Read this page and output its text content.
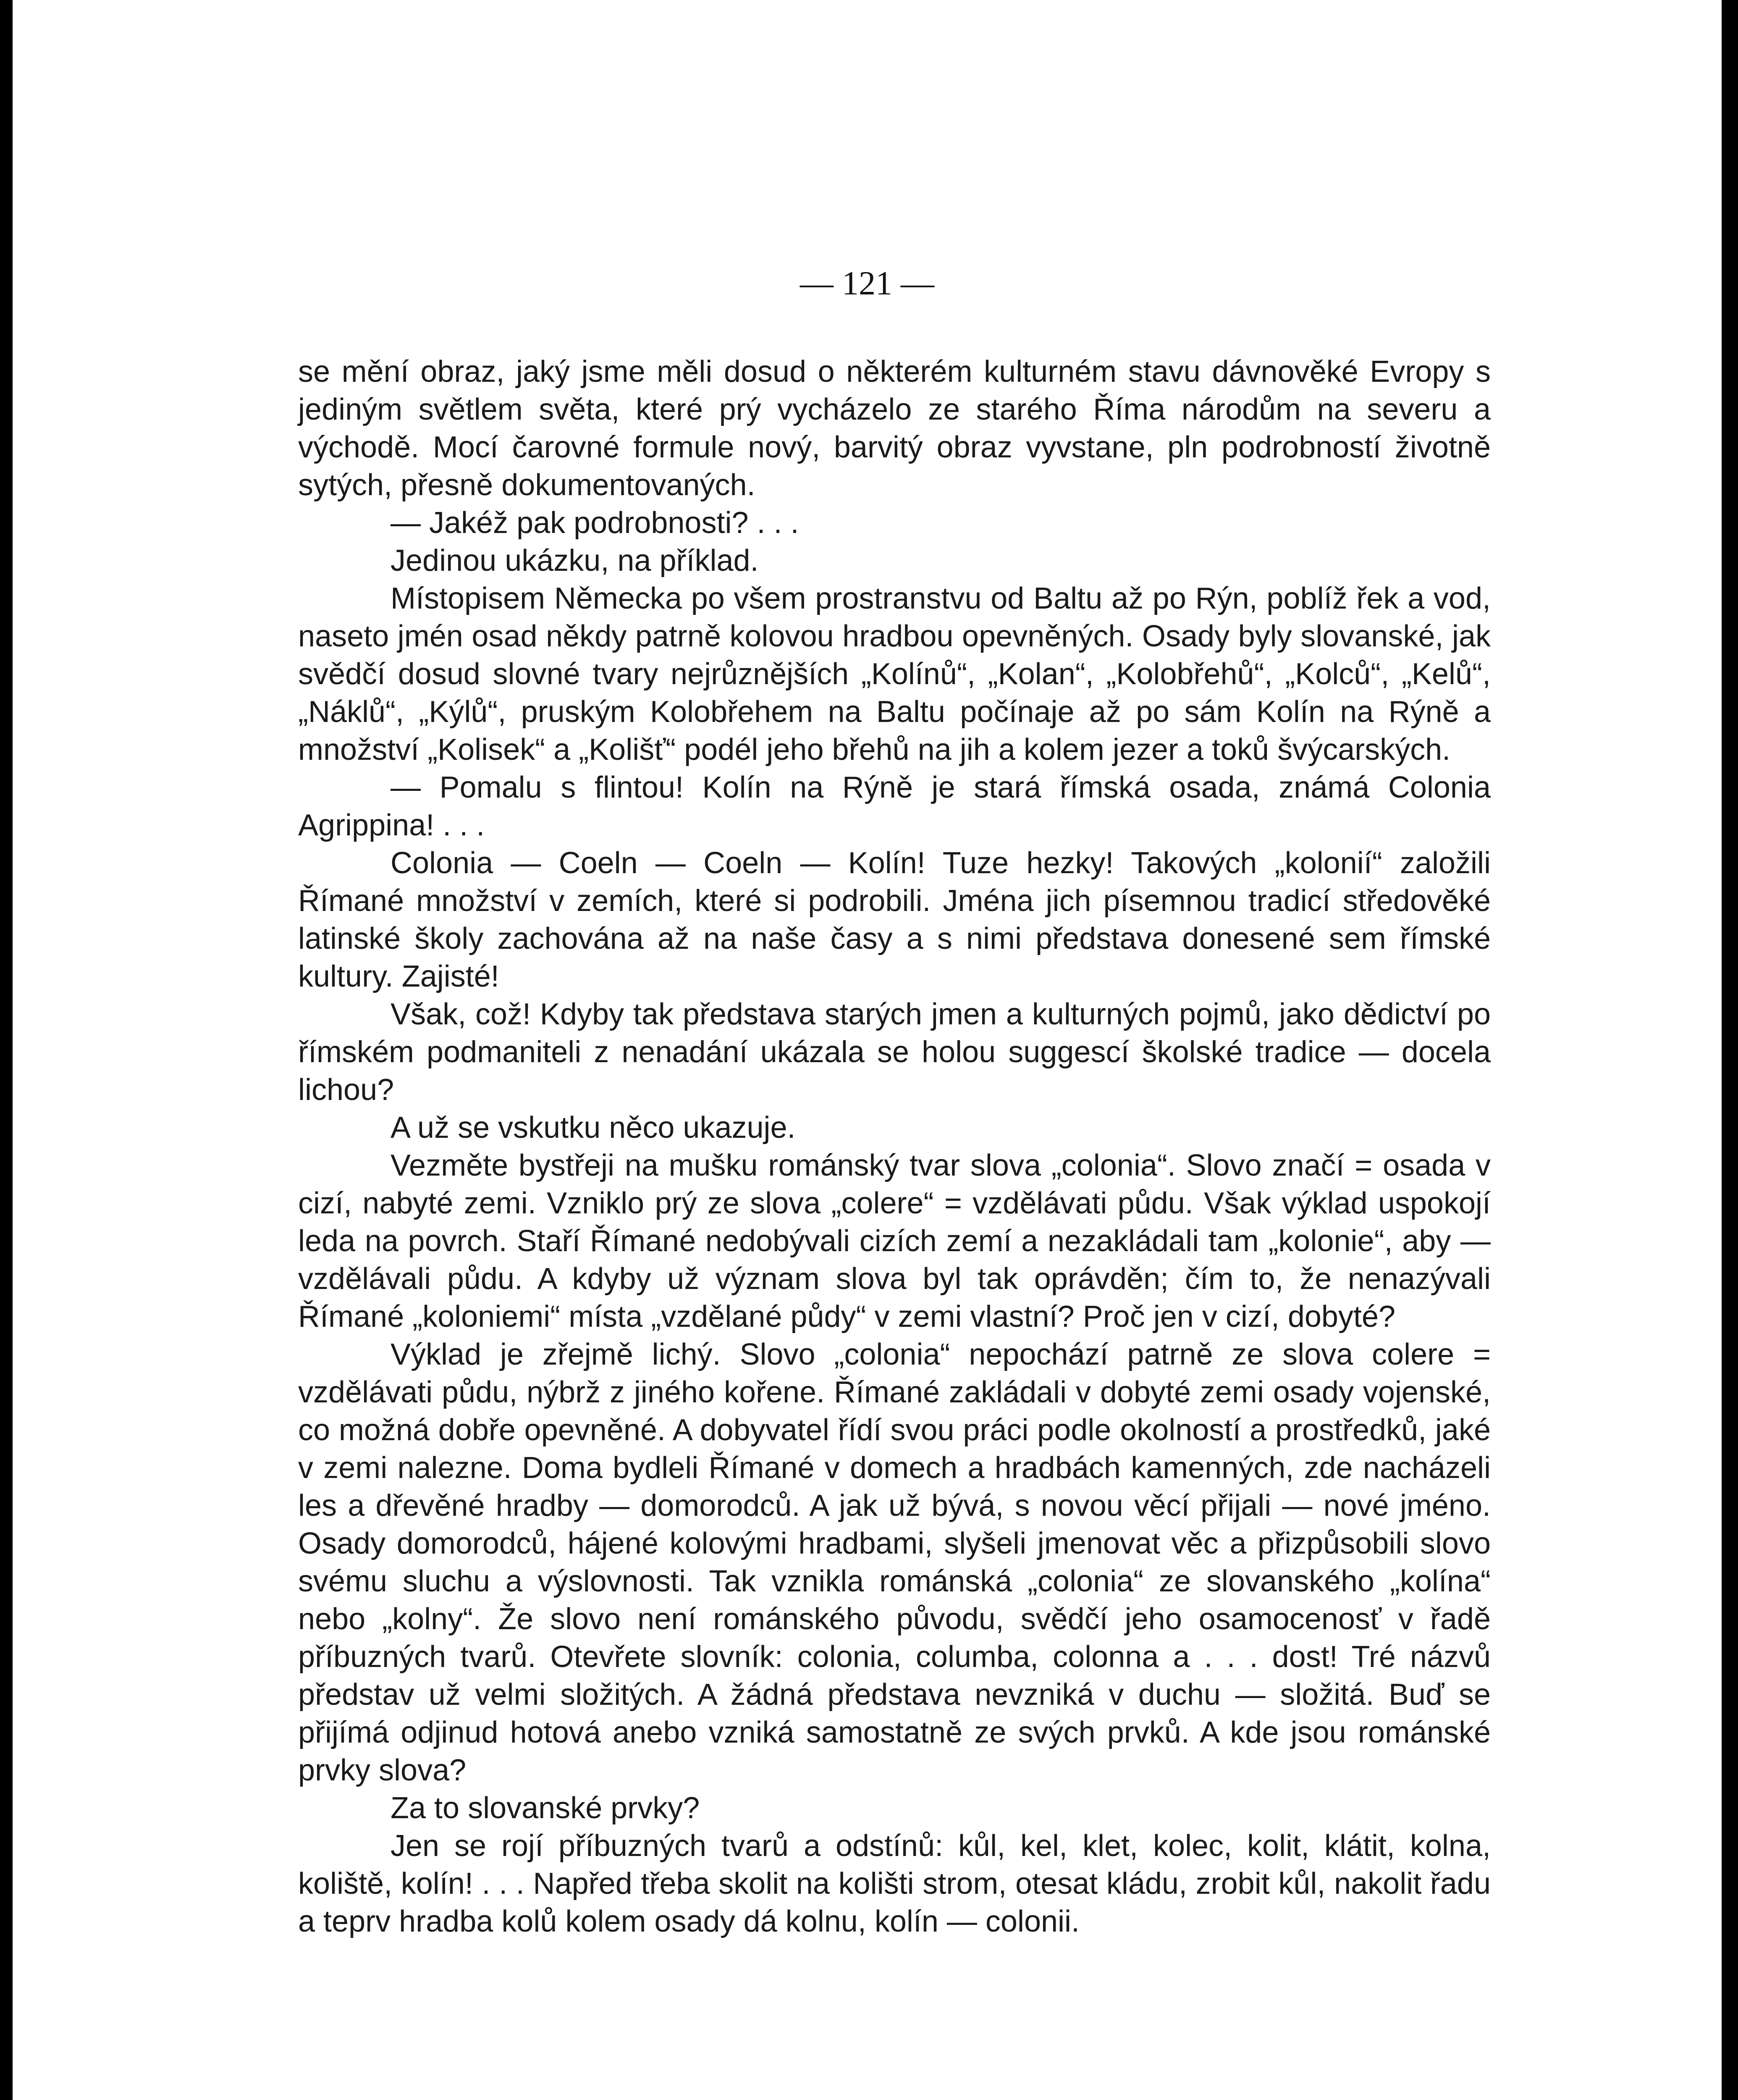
— 121 —

se mění obraz, jaký jsme měli dosud o některém kulturném stavu dávnověké Evropy s jediným světlem světa, které prý vycházelo ze starého Říma národům na severu a východě. Mocí čarovné formule nový, barvitý obraz vyvstane, pln podrobností životně sytých, přesně dokumentovaných.

— Jakéž pak podrobnosti? . . .

Jedinou ukázku, na příklad.

Místopisem Německa po všem prostranstvu od Baltu až po Rýn, poblíž řek a vod, naseto jmén osad někdy patrně kolovou hradbou opevněných. Osady byly slovanské, jak svědčí dosud slovné tvary nejrůznějších „Kolínů“, „Kolan“, „Kolobřehů“, „Kolců“, „Kelů“, „Náklů“, „Kýlů“, pruským Kolobřehem na Baltu počínaje až po sám Kolín na Rýně a množství „Kolisek“ a „Kolišť“ podél jeho břehů na jih a kolem jezer a toků švýcarských.

— Pomalu s flintou! Kolín na Rýně je stará římská osada, známá Colonia Agrippina! . . .

Colonia — Coeln — Coeln — Kolín! Tuze hezky! Takových „kolonií“ založili Římané množství v zemích, které si podrobili. Jména jich písemnou tradicí středověké latinské školy zachována až na naše časy a s nimi představa donesené sem římské kultury. Zajisté!

Však, což! Kdyby tak představa starých jmen a kulturných pojmů, jako dědictví po římském podmaniteli z nenadání ukázala se holou suggescí školské tradice — docela lichou?

A už se vskutku něco ukazuje.

Vezměte bystřeji na mušku románský tvar slova „colonia“. Slovo značí = osada v cizí, nabyté zemi. Vzniklo prý ze slova „colere“ = vzdělávati půdu. Však výklad uspokojí leda na povrch. Staří Římané nedobývali cizích zemí a nezakládali tam „kolonie“, aby — vzdělávali půdu. A kdyby už význam slova byl tak oprávděn; čím to, že nenazývali Římané „koloniemi“ místa „vzdělané půdy“ v zemi vlastní? Proč jen v cizí, dobyté?

Výklad je zřejmě lichý. Slovo „colonia“ nepochází patrně ze slova colere = vzdělávati půdu, nýbrž z jiného kořene. Římané zakládali v dobyté zemi osady vojenské, co možná dobře opevněné. A dobyvatel řídí svou práci podle okolností a prostředků, jaké v zemi nalezne. Doma bydleli Římané v domech a hradbách kamenných, zde nacházeli les a dřevěné hradby — domorodců. A jak už bývá, s novou věcí přijali — nové jméno. Osady domorodců, hájené kolovými hradbami, slyšeli jmenovat věc a přizpůsobili slovo svému sluchu a výslovnosti. Tak vznikla románská „colonia“ ze slovanského „kolína“ nebo „kolny“. Že slovo není románského původu, svědčí jeho osamocenosť v řadě příbuzných tvarů. Otevřete slovník: colonia, columba, colonna a . . . dost! Tré názvů představ už velmi složitých. A žádná představa nevzniká v duchu — složitá. Buď se přijímá odjinud hotová anebo vzniká samostatně ze svých prvků. A kde jsou románské prvky slova?

Za to slovanské prvky?

Jen se rojí příbuzných tvarů a odstínů: kůl, kel, klet, kolec, kolit, klátit, kolna, koliště, kolín! . . . Napřed třeba skolit na kolišti strom, otesat kládu, zrobit kůl, nakolit řadu a teprv hradba kolů kolem osady dá kolnu, kolín — colonii.
